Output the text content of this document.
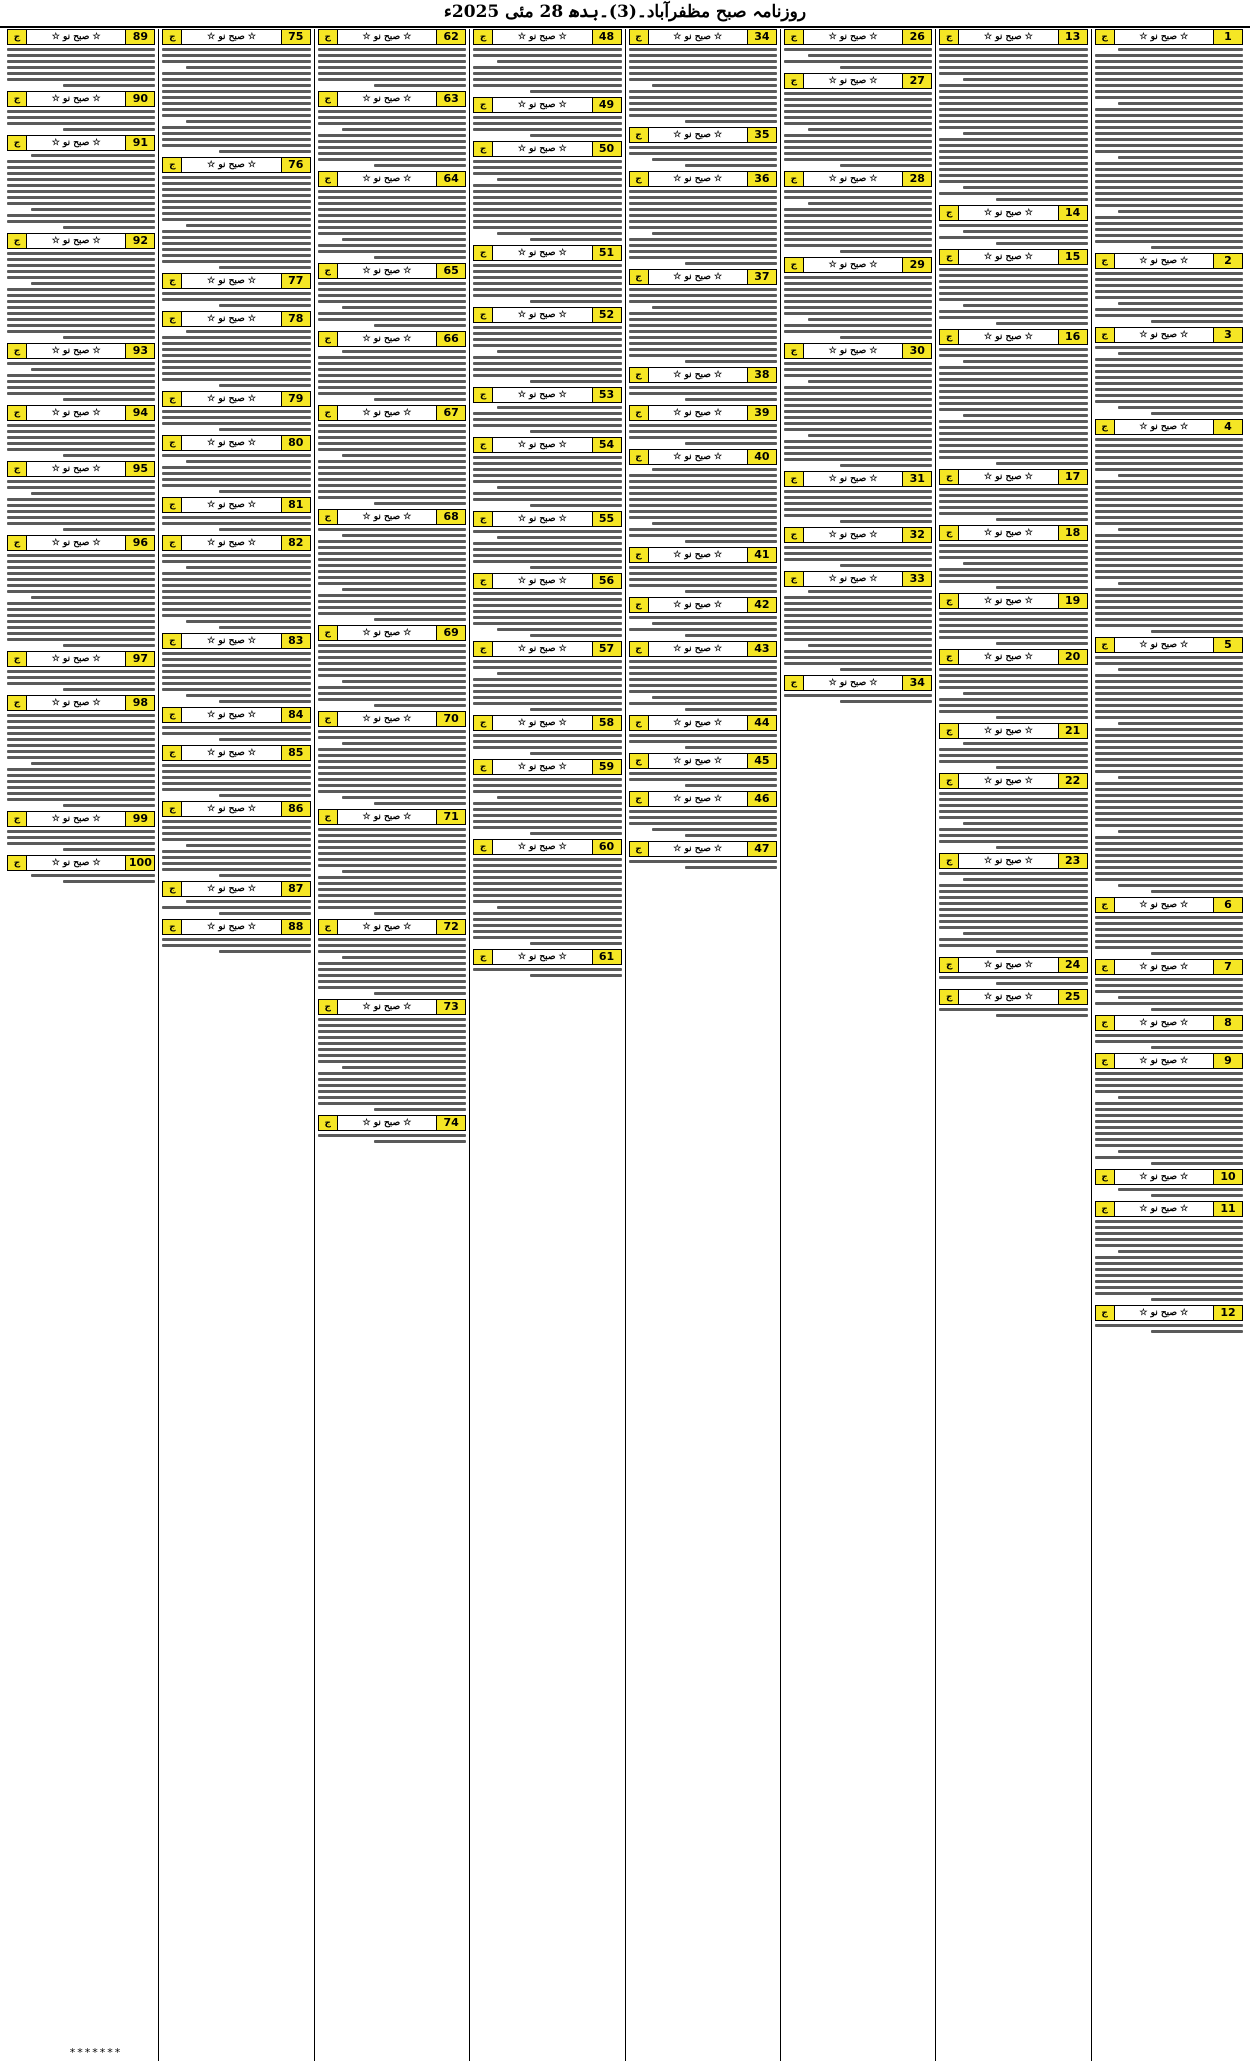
روزنامہ صبح مظفرآباد۔(3)۔بدھ 28 مئی 2025ء
1
☆ صبح نو ☆
ج
2
☆ صبح نو ☆
ج
3
☆ صبح نو ☆
ج
4
☆ صبح نو ☆
ج
5
☆ صبح نو ☆
ج
6
☆ صبح نو ☆
ج
7
☆ صبح نو ☆
ج
8
☆ صبح نو ☆
ج
9
☆ صبح نو ☆
ج
10
☆ صبح نو ☆
ج
11
☆ صبح نو ☆
ج
12
☆ صبح نو ☆
ج
13
☆ صبح نو ☆
ج
14
☆ صبح نو ☆
ج
15
☆ صبح نو ☆
ج
16
☆ صبح نو ☆
ج
17
☆ صبح نو ☆
ج
18
☆ صبح نو ☆
ج
19
☆ صبح نو ☆
ج
20
☆ صبح نو ☆
ج
21
☆ صبح نو ☆
ج
22
☆ صبح نو ☆
ج
23
☆ صبح نو ☆
ج
24
☆ صبح نو ☆
ج
25
☆ صبح نو ☆
ج
26
☆ صبح نو ☆
ج
27
☆ صبح نو ☆
ج
28
☆ صبح نو ☆
ج
29
☆ صبح نو ☆
ج
30
☆ صبح نو ☆
ج
31
☆ صبح نو ☆
ج
32
☆ صبح نو ☆
ج
33
☆ صبح نو ☆
ج
34
☆ صبح نو ☆
ج
34
☆ صبح نو ☆
ج
35
☆ صبح نو ☆
ج
36
☆ صبح نو ☆
ج
37
☆ صبح نو ☆
ج
38
☆ صبح نو ☆
ج
39
☆ صبح نو ☆
ج
40
☆ صبح نو ☆
ج
41
☆ صبح نو ☆
ج
42
☆ صبح نو ☆
ج
43
☆ صبح نو ☆
ج
44
☆ صبح نو ☆
ج
45
☆ صبح نو ☆
ج
46
☆ صبح نو ☆
ج
47
☆ صبح نو ☆
ج
48
☆ صبح نو ☆
ج
49
☆ صبح نو ☆
ج
50
☆ صبح نو ☆
ج
51
☆ صبح نو ☆
ج
52
☆ صبح نو ☆
ج
53
☆ صبح نو ☆
ج
54
☆ صبح نو ☆
ج
55
☆ صبح نو ☆
ج
56
☆ صبح نو ☆
ج
57
☆ صبح نو ☆
ج
58
☆ صبح نو ☆
ج
59
☆ صبح نو ☆
ج
60
☆ صبح نو ☆
ج
61
☆ صبح نو ☆
ج
62
☆ صبح نو ☆
ج
63
☆ صبح نو ☆
ج
64
☆ صبح نو ☆
ج
65
☆ صبح نو ☆
ج
66
☆ صبح نو ☆
ج
67
☆ صبح نو ☆
ج
68
☆ صبح نو ☆
ج
69
☆ صبح نو ☆
ج
70
☆ صبح نو ☆
ج
71
☆ صبح نو ☆
ج
72
☆ صبح نو ☆
ج
73
☆ صبح نو ☆
ج
74
☆ صبح نو ☆
ج
75
☆ صبح نو ☆
ج
76
☆ صبح نو ☆
ج
77
☆ صبح نو ☆
ج
78
☆ صبح نو ☆
ج
79
☆ صبح نو ☆
ج
80
☆ صبح نو ☆
ج
81
☆ صبح نو ☆
ج
82
☆ صبح نو ☆
ج
83
☆ صبح نو ☆
ج
84
☆ صبح نو ☆
ج
85
☆ صبح نو ☆
ج
86
☆ صبح نو ☆
ج
87
☆ صبح نو ☆
ج
88
☆ صبح نو ☆
ج
89
☆ صبح نو ☆
ج
90
☆ صبح نو ☆
ج
91
☆ صبح نو ☆
ج
92
☆ صبح نو ☆
ج
93
☆ صبح نو ☆
ج
94
☆ صبح نو ☆
ج
95
☆ صبح نو ☆
ج
96
☆ صبح نو ☆
ج
97
☆ صبح نو ☆
ج
98
☆ صبح نو ☆
ج
99
☆ صبح نو ☆
ج
100
☆ صبح نو ☆
ج
*******
